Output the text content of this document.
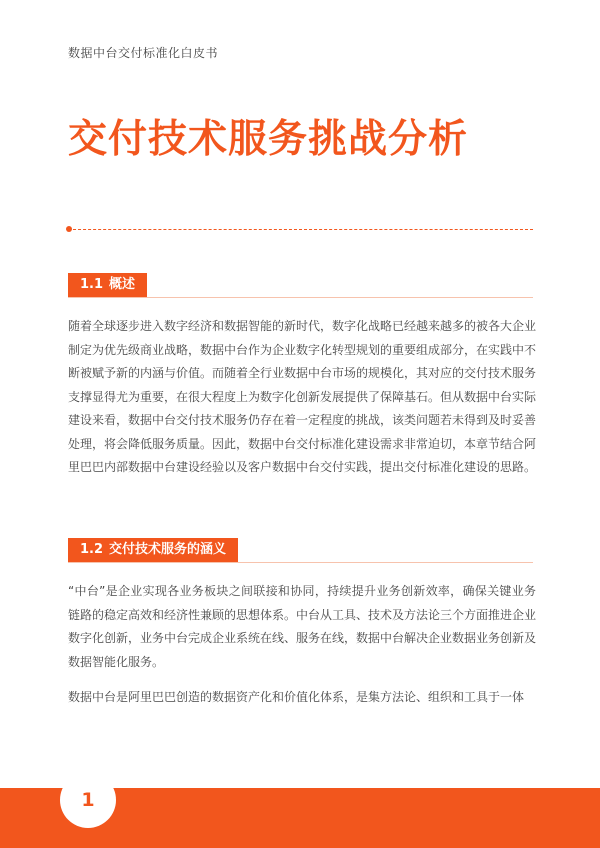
数据中台交付标准化白皮书
交付技术服务挑战分析
1.1 概述

随着全球逐步进入数字经济和数据智能的新时代，数字化战略已经越来越多的被各大企业制定为优先级商业战略，数据中台作为企业数字化转型规划的重要组成部分，在实践中不断被赋予新的内涵与价值。而随着全行业数据中台市场的规模化，其对应的交付技术服务支撑显得尤为重要，在很大程度上为数字化创新发展提供了保障基石。但从数据中台实际建设来看，数据中台交付技术服务仍存在着一定程度的挑战，该类问题若未得到及时妥善处理，将会降低服务质量。因此，数据中台交付标准化建设需求非常迫切，本章节结合阿里巴巴内部数据中台建设经验以及客户数据中台交付实践，提出交付标准化建设的思路。

1.2 交付技术服务的涵义

“中台”是企业实现各业务板块之间联接和协同，持续提升业务创新效率，确保关键业务链路的稳定高效和经济性兼顾的思想体系。中台从工具、技术及方法论三个方面推进企业数字化创新，业务中台完成企业系统在线、服务在线，数据中台解决企业数据业务创新及数据智能化服务。

数据中台是阿里巴巴创造的数据资产化和价值化体系，是集方法论、组织和工具于一体

1
